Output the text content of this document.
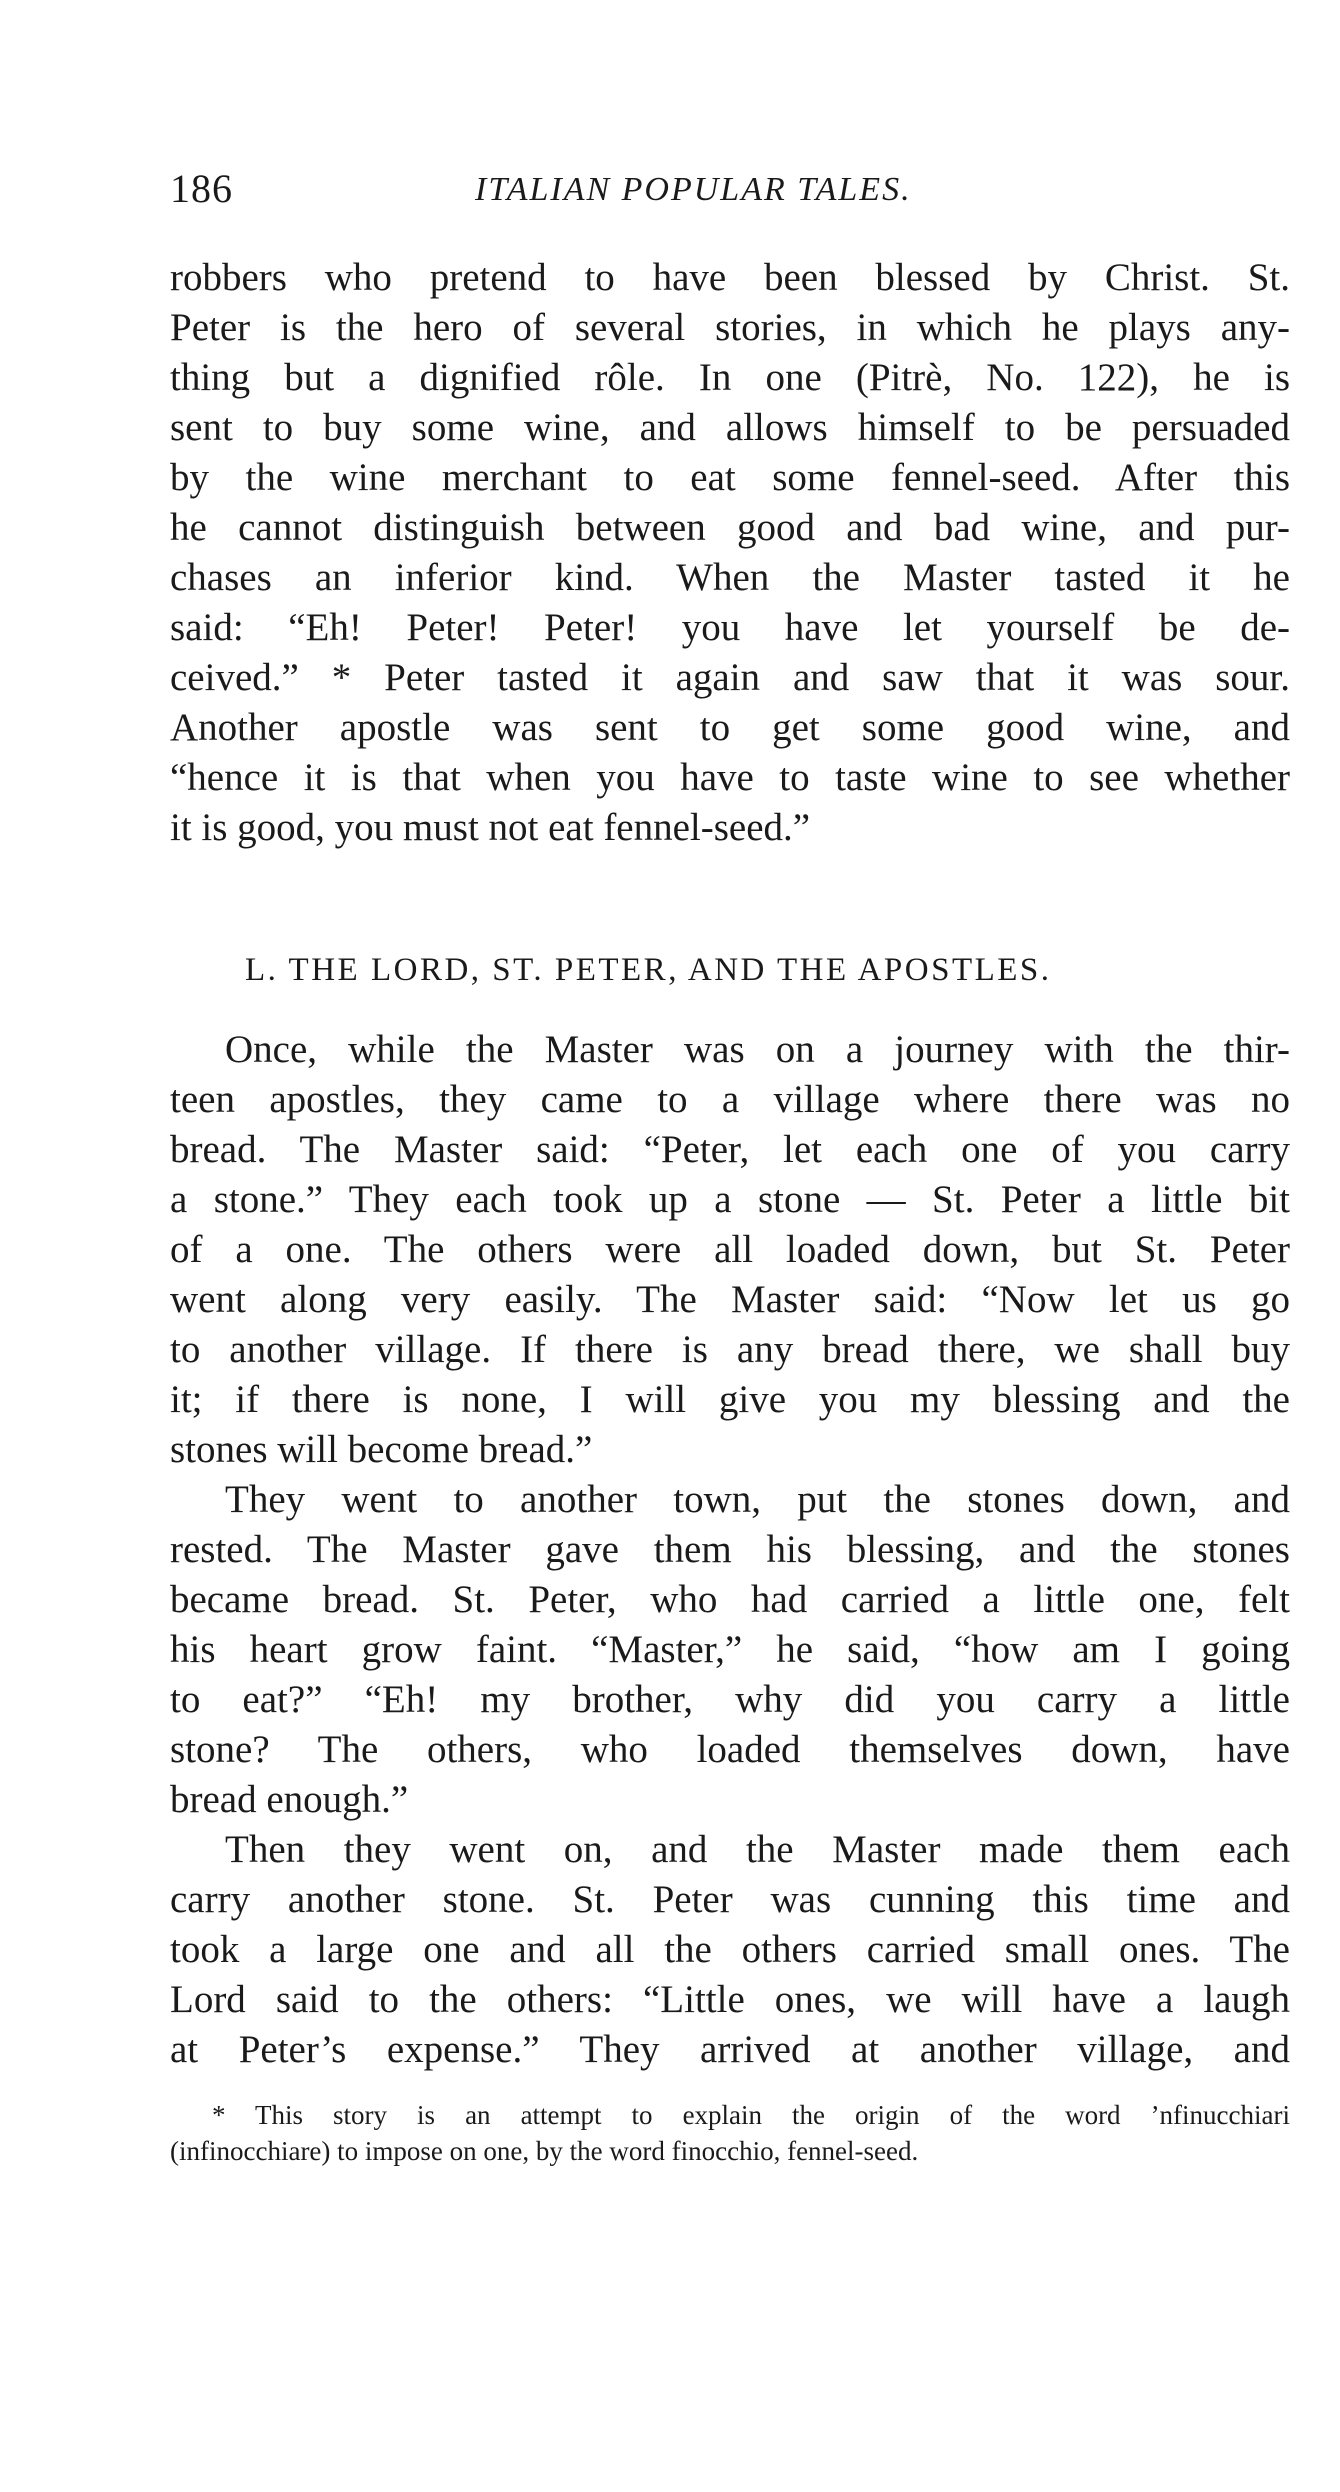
186	ITALIAN POPULAR TALES.
robbers who pretend to have been blessed by Christ. St.
Peter is the hero of several stories, in which he plays any-
thing but a dignified rôle. In one (Pitrè, No. 122), he is
sent to buy some wine, and allows himself to be persuaded
by the wine merchant to eat some fennel-seed. After this
he cannot distinguish between good and bad wine, and pur-
chases an inferior kind. When the Master tasted it he
said: “Eh! Peter! Peter! you have let yourself be de-
ceived.” * Peter tasted it again and saw that it was sour.
Another apostle was sent to get some good wine, and
“hence it is that when you have to taste wine to see whether
it is good, you must not eat fennel-seed.”
L. THE LORD, ST. PETER, AND THE APOSTLES.
Once, while the Master was on a journey with the thir-
teen apostles, they came to a village where there was no
bread. The Master said: “Peter, let each one of you carry
a stone.” They each took up a stone — St. Peter a little bit
of a one. The others were all loaded down, but St. Peter
went along very easily. The Master said: “Now let us go
to another village. If there is any bread there, we shall buy
it; if there is none, I will give you my blessing and the
stones will become bread.”
They went to another town, put the stones down, and
rested. The Master gave them his blessing, and the stones
became bread. St. Peter, who had carried a little one, felt
his heart grow faint. “Master,” he said, “how am I going
to eat?” “Eh! my brother, why did you carry a little
stone? The others, who loaded themselves down, have
bread enough.”
Then they went on, and the Master made them each
carry another stone. St. Peter was cunning this time and
took a large one and all the others carried small ones. The
Lord said to the others: “Little ones, we will have a laugh
at Peter’s expense.” They arrived at another village, and
* This story is an attempt to explain the origin of the word ’nfinucchiari
(infinocchiare) to impose on one, by the word finocchio, fennel-seed.
